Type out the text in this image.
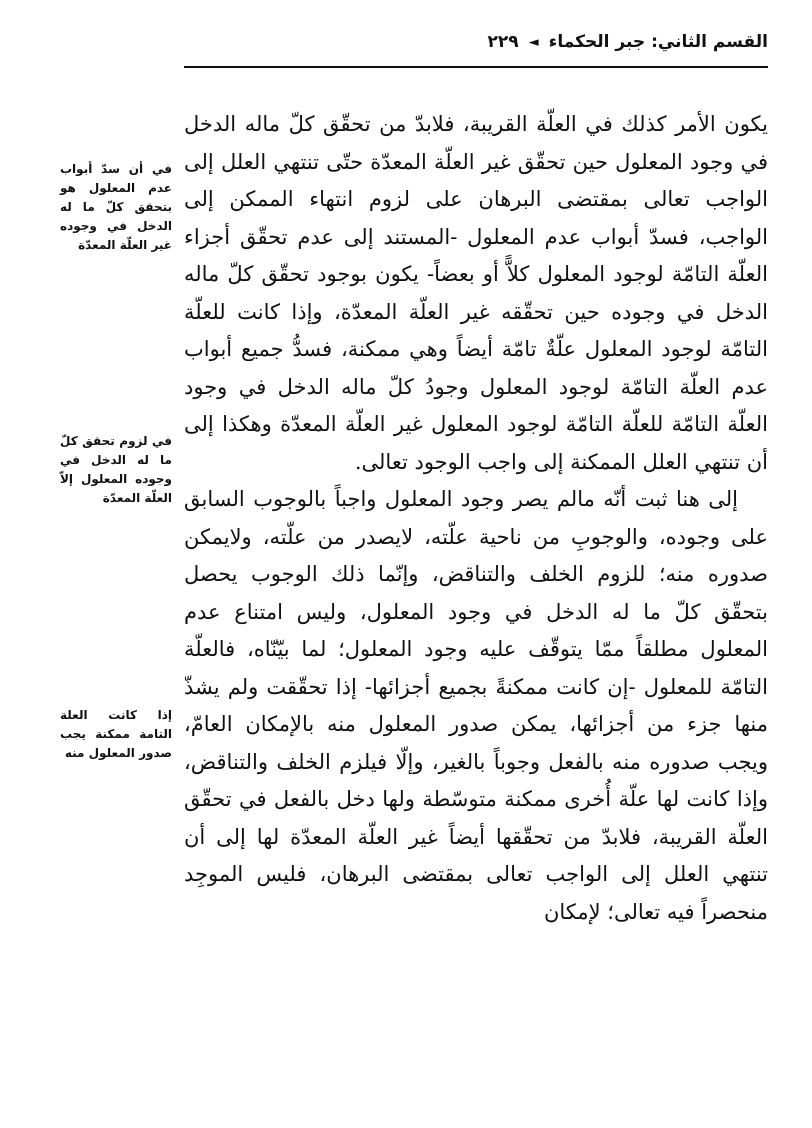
القسم الثاني: جبر الحكماء◄٢٢٩
في أن سدّ أبواب عدم المعلول هو بتحقق كلّ ما له الدخل في وجوده غير العلّة المعدّة
في لزوم تحقق كلّ ما له الدخل في وجوده المعلول إلاّ العلّة المعدّة
إذا كانت العلة التامة ممكنة يجب صدور المعلول منه

يكون الأمر كذلك في العلّة القريبة، فلابدّ من تحقّق كلّ ماله الدخل في وجود المعلول حين تحقّق غير العلّة المعدّة حتّى تنتهي العلل إلى الواجب تعالى بمقتضى البرهان على لزوم انتهاء الممكن إلى الواجب، فسدّ أبواب عدم المعلول -المستند إلى عدم تحقّق أجزاء العلّة التامّة لوجود المعلول كلاًّ أو بعضاً- يكون بوجود تحقّق كلّ ماله الدخل في وجوده حين تحقّقه غير العلّة المعدّة، وإذا كانت للعلّة التامّة لوجود المعلول علّةٌ تامّة أيضاً وهي ممكنة، فسدُّ جميع أبواب عدم العلّة التامّة لوجود المعلول وجودُ كلّ ماله الدخل في وجود العلّة التامّة للعلّة التامّة لوجود المعلول غير العلّة المعدّة وهكذا إلى أن تنتهي العلل الممكنة إلى واجب الوجود تعالى.

إلى هنا ثبت أنّه مالم يصر وجود المعلول واجباً بالوجوب السابق على وجوده، والوجوبِ من ناحية علّته، لايصدر من علّته، ولايمكن صدوره منه؛ للزوم الخلف والتناقض، وإنّما ذلك الوجوب يحصل بتحقّق كلّ ما له الدخل في وجود المعلول، وليس امتناع عدم المعلول مطلقاً ممّا يتوقّف عليه وجود المعلول؛ لما بيّنّاه، فالعلّة التامّة للمعلول -إن كانت ممكنةً بجميع أجزائها- إذا تحقّقت ولم يشذّ منها جزء من أجزائها، يمكن صدور المعلول منه بالإمكان العامّ، ويجب صدوره منه بالفعل وجوباً بالغير، وإلّا فيلزم الخلف والتناقض، وإذا كانت لها علّة أُخرى ممكنة متوسّطة ولها دخل بالفعل في تحقّق العلّة القريبة، فلابدّ من تحقّقها أيضاً غير العلّة المعدّة لها إلى أن تنتهي العلل إلى الواجب تعالى بمقتضى البرهان، فليس الموجِد منحصراً فيه تعالى؛ لإمكان
